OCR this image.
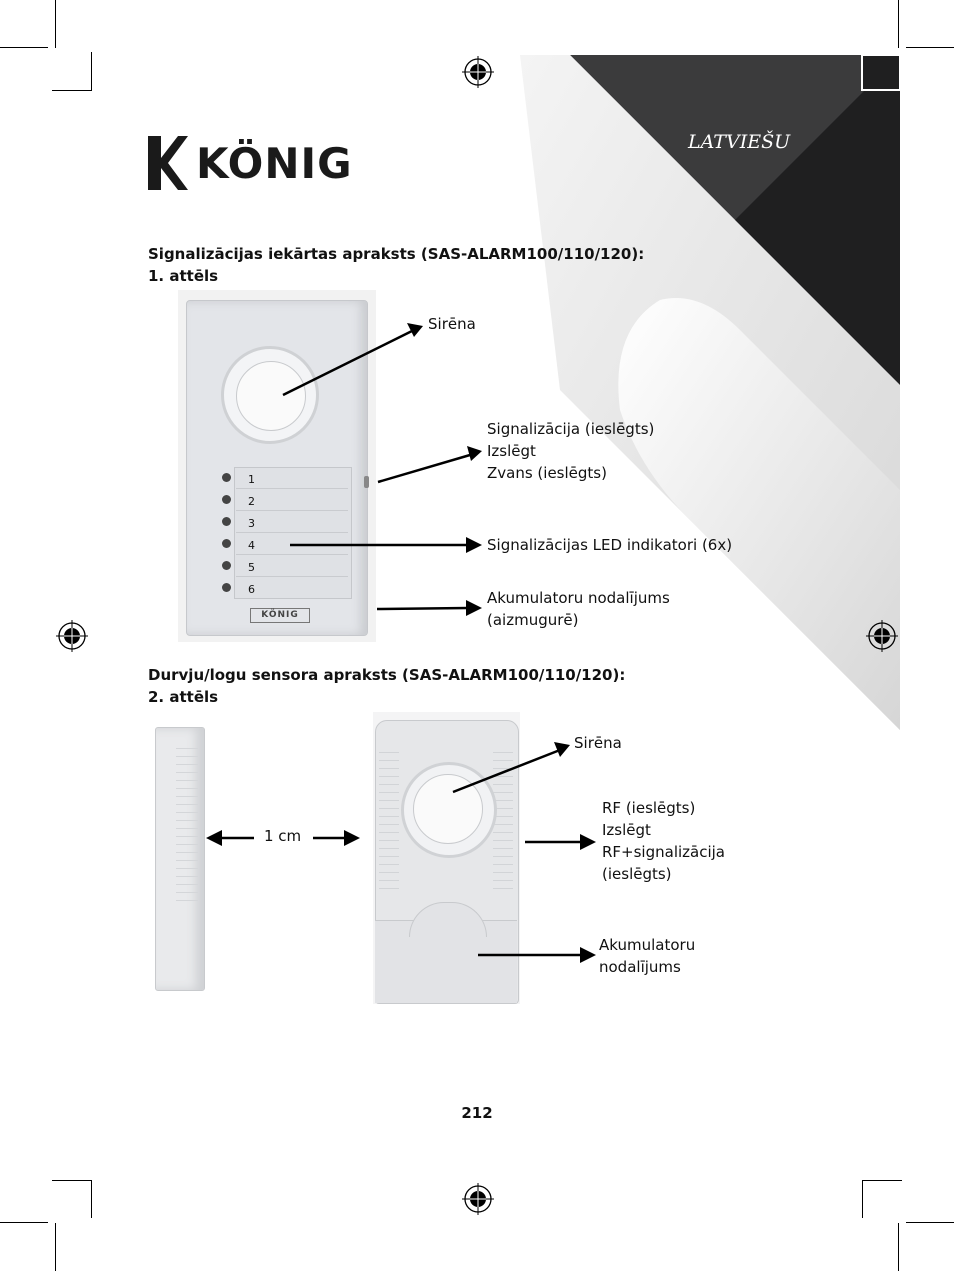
KÖNIG	LATVIEŠU
Signalizācijas iekārtas apraksts (SAS-ALARM100/110/120):
1. attēls
1
2
3
4
5
6
KÖNIG
Sirēna
Signalizācija (ieslēgts)
Izslēgt
Zvans (ieslēgts)
Signalizācijas LED indikatori (6x)
Akumulatoru nodalījums
(aizmugurē)
Durvju/logu sensora apraksts (SAS-ALARM100/110/120):
2. attēls
1 cm
Sirēna
RF (ieslēgts)
Izslēgt
RF+signalizācija
(ieslēgts)
Akumulatoru
nodalījums
212
